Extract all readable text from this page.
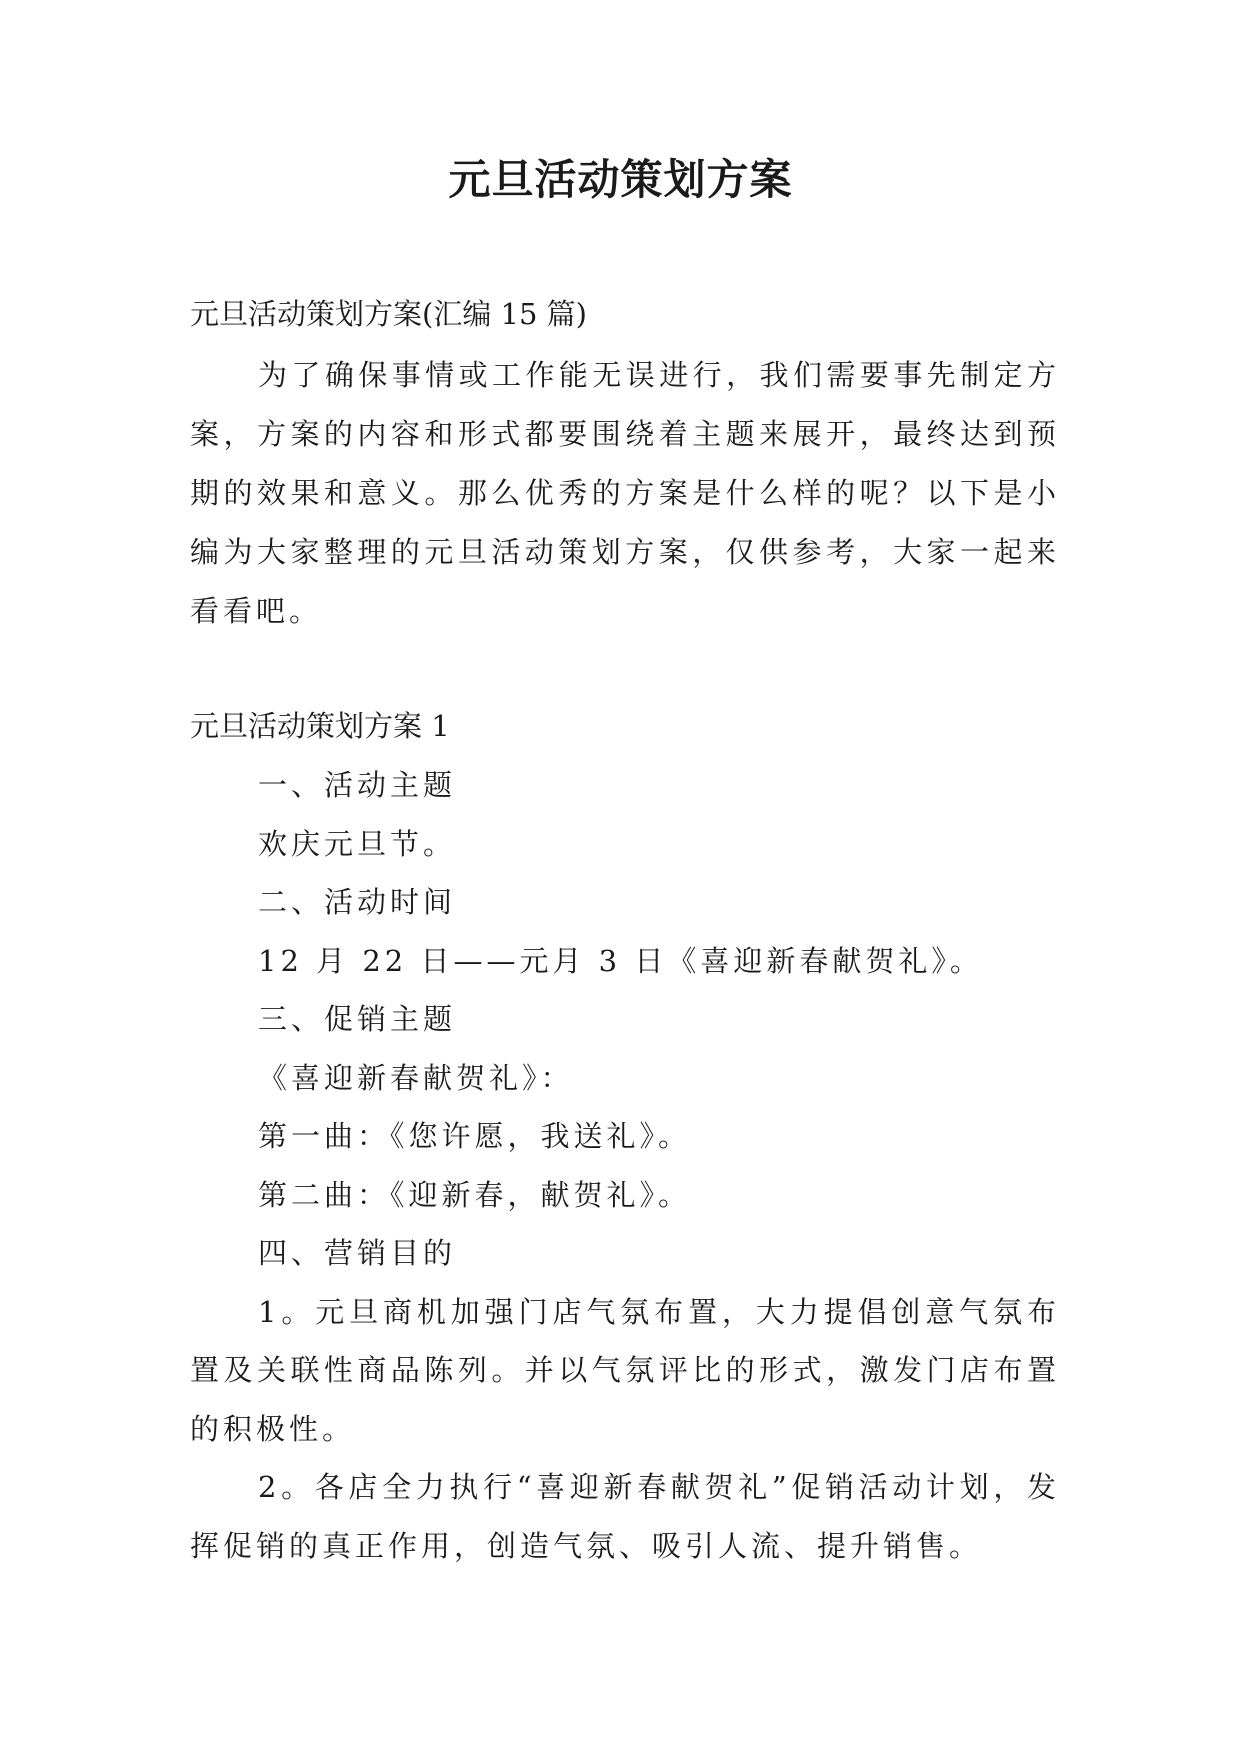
元旦活动策划方案
元旦活动策划方案(汇编 15 篇)
为了确保事情或工作能无误进行，我们需要事先制定方案，方案的内容和形式都要围绕着主题来展开，最终达到预期的效果和意义。那么优秀的方案是什么样的呢？以下是小编为大家整理的元旦活动策划方案，仅供参考，大家一起来看看吧。
元旦活动策划方案 1
一、活动主题
欢庆元旦节。
二、活动时间
12 月 22 日——元月 3 日《喜迎新春献贺礼》。
三、促销主题
《喜迎新春献贺礼》：
第一曲：《您许愿，我送礼》。
第二曲：《迎新春，献贺礼》。
四、营销目的
1。元旦商机加强门店气氛布置，大力提倡创意气氛布置及关联性商品陈列。并以气氛评比的形式，激发门店布置的积极性。
2。各店全力执行“喜迎新春献贺礼”促销活动计划，发挥促销的真正作用，创造气氛、吸引人流、提升销售。
